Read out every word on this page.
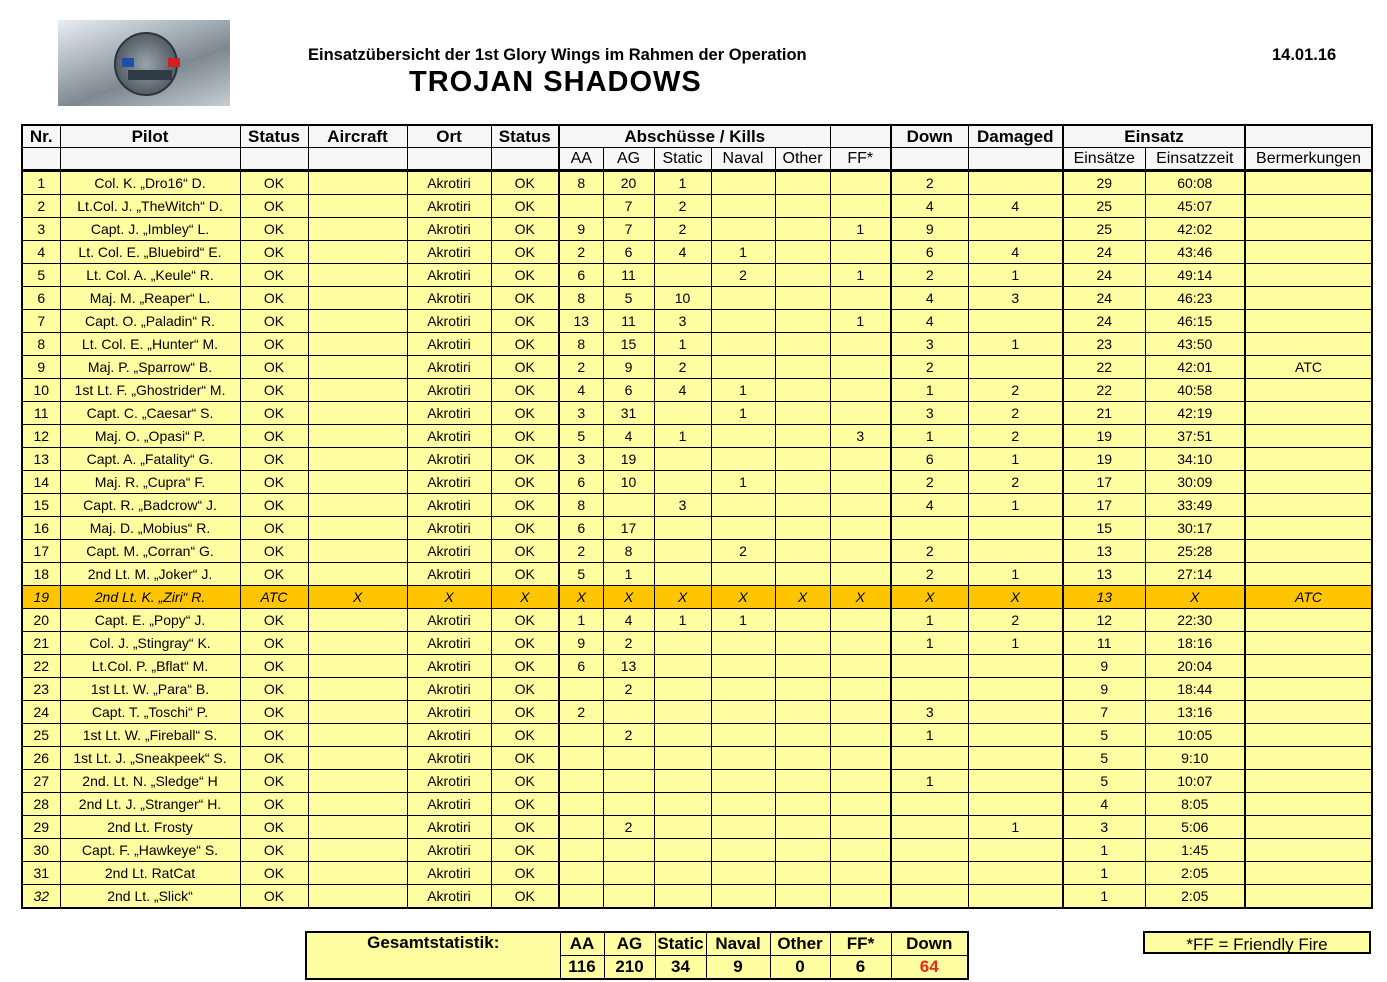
Einsatzübersicht der 1st Glory Wings im Rahmen der Operation
TROJAN SHADOWS
14.01.16
Nr.	Pilot	Status	Aircraft	Ort	Status	Abschüsse / Kills						Down	Damaged	Einsatz		
						AA	AG	Static	Naval	Other	FF*			Einsätze	Einsatzzeit	Bermerkungen
1	Col. K. „Dro16“ D.	OK		Akrotiri	OK	8	20	1				2		29	60:08	
2	Lt.Col. J. „TheWitch“ D.	OK		Akrotiri	OK		7	2				4	4	25	45:07	
3	Capt. J. „Imbley“ L.	OK		Akrotiri	OK	9	7	2			1	9		25	42:02	
4	Lt. Col. E. „Bluebird“ E.	OK		Akrotiri	OK	2	6	4	1			6	4	24	43:46	
5	Lt. Col. A. „Keule“ R.	OK		Akrotiri	OK	6	11		2		1	2	1	24	49:14	
6	Maj. M. „Reaper“ L.	OK		Akrotiri	OK	8	5	10				4	3	24	46:23	
7	Capt. O. „Paladin“ R.	OK		Akrotiri	OK	13	11	3			1	4		24	46:15	
8	Lt. Col. E. „Hunter“ M.	OK		Akrotiri	OK	8	15	1				3	1	23	43:50	
9	Maj. P. „Sparrow“ B.	OK		Akrotiri	OK	2	9	2				2		22	42:01	ATC
10	1st Lt. F. „Ghostrider“ M.	OK		Akrotiri	OK	4	6	4	1			1	2	22	40:58	
11	Capt. C. „Caesar“ S.	OK		Akrotiri	OK	3	31		1			3	2	21	42:19	
12	Maj. O. „Opasi“ P.	OK		Akrotiri	OK	5	4	1			3	1	2	19	37:51	
13	Capt. A. „Fatality“ G.	OK		Akrotiri	OK	3	19					6	1	19	34:10	
14	Maj. R. „Cupra“ F.	OK		Akrotiri	OK	6	10		1			2	2	17	30:09	
15	Capt. R. „Badcrow“ J.	OK		Akrotiri	OK	8		3				4	1	17	33:49	
16	Maj. D. „Mobius“ R.	OK		Akrotiri	OK	6	17							15	30:17	
17	Capt. M. „Corran“ G.	OK		Akrotiri	OK	2	8		2			2		13	25:28	
18	2nd Lt. M. „Joker“ J.	OK		Akrotiri	OK	5	1					2	1	13	27:14	
19	2nd Lt. K. „Ziri“ R.	ATC	X	X	X	X	X	X	X	X	X	X	X	13	X	ATC
20	Capt. E. „Popy“ J.	OK		Akrotiri	OK	1	4	1	1			1	2	12	22:30	
21	Col. J. „Stingray“ K.	OK		Akrotiri	OK	9	2					1	1	11	18:16	
22	Lt.Col. P. „Bflat“ M.	OK		Akrotiri	OK	6	13							9	20:04	
23	1st Lt. W. „Para“ B.	OK		Akrotiri	OK		2							9	18:44	
24	Capt. T. „Toschi“ P.	OK		Akrotiri	OK	2						3		7	13:16	
25	1st Lt. W. „Fireball“ S.	OK		Akrotiri	OK		2					1		5	10:05	
26	1st Lt. J. „Sneakpeek“ S.	OK		Akrotiri	OK									5	9:10	
27	2nd. Lt. N. „Sledge“ H	OK		Akrotiri	OK							1		5	10:07	
28	2nd Lt. J. „Stranger“ H.	OK		Akrotiri	OK									4	8:05	
29	2nd Lt. Frosty	OK		Akrotiri	OK		2						1	3	5:06	
30	Capt. F. „Hawkeye“ S.	OK		Akrotiri	OK									1	1:45	
31	2nd Lt. RatCat	OK		Akrotiri	OK									1	2:05	
32	2nd Lt. „Slick“	OK		Akrotiri	OK									1	2:05	
Gesamtstatistik:	AA	AG	Static	Naval	Other	FF*	Down
	116	210	34	9	0	6	64
*FF = Friendly Fire
